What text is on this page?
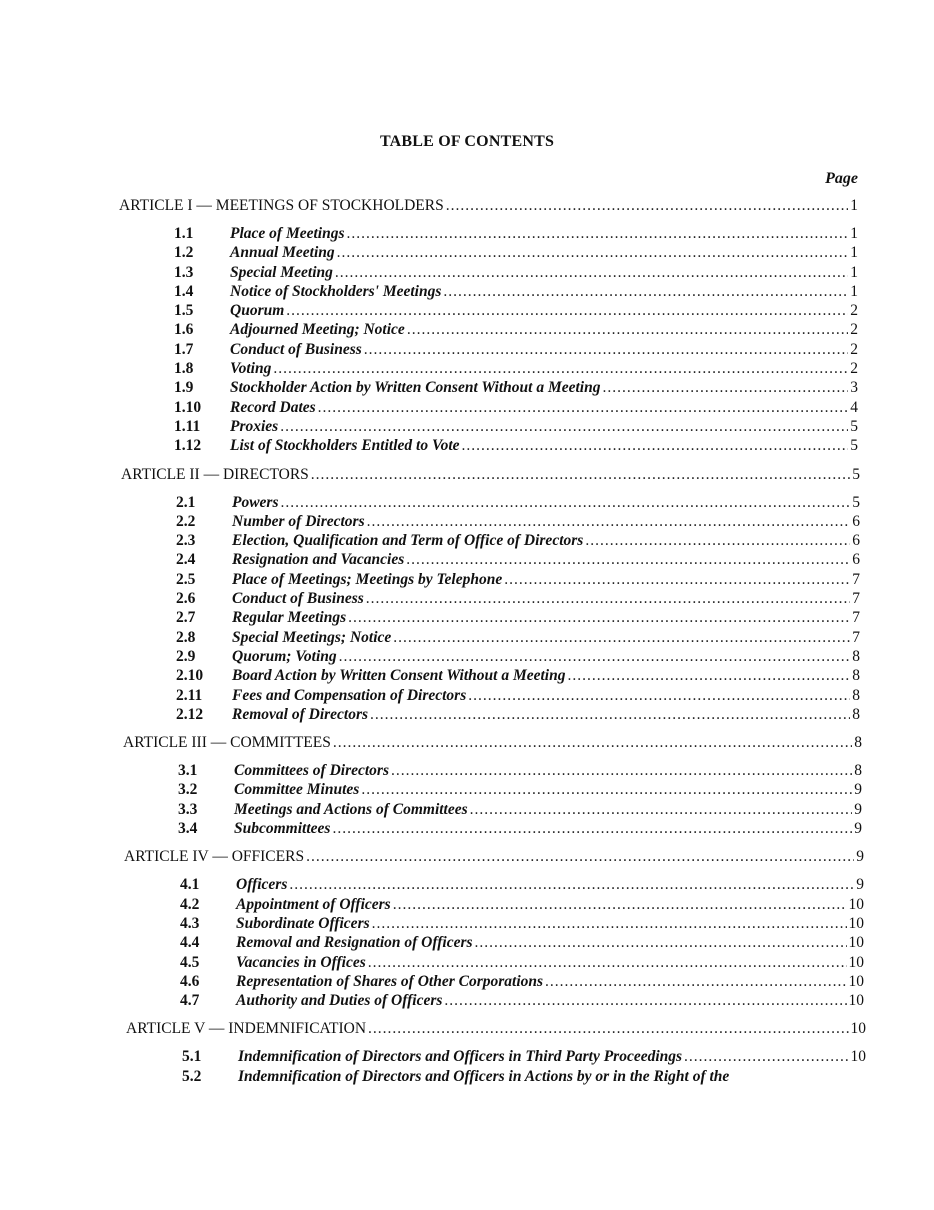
TABLE OF CONTENTS
Page
ARTICLE I — MEETINGS OF STOCKHOLDERS .....	1
1.1	Place of Meetings .....	1
1.2	Annual Meeting .....	1
1.3	Special Meeting .....	1
1.4	Notice of Stockholders' Meetings .....	1
1.5	Quorum .....	2
1.6	Adjourned Meeting; Notice .....	2
1.7	Conduct of Business .....	2
1.8	Voting .....	2
1.9	Stockholder Action by Written Consent Without a Meeting .....	3
1.10	Record Dates .....	4
1.11	Proxies .....	5
1.12	List of Stockholders Entitled to Vote .....	5
ARTICLE II — DIRECTORS .....	5
2.1	Powers .....	5
2.2	Number of Directors .....	6
2.3	Election, Qualification and Term of Office of Directors .....	6
2.4	Resignation and Vacancies .....	6
2.5	Place of Meetings; Meetings by Telephone .....	7
2.6	Conduct of Business .....	7
2.7	Regular Meetings .....	7
2.8	Special Meetings; Notice .....	7
2.9	Quorum; Voting .....	8
2.10	Board Action by Written Consent Without a Meeting .....	8
2.11	Fees and Compensation of Directors .....	8
2.12	Removal of Directors .....	8
ARTICLE III — COMMITTEES .....	8
3.1	Committees of Directors .....	8
3.2	Committee Minutes .....	9
3.3	Meetings and Actions of Committees .....	9
3.4	Subcommittees .....	9
ARTICLE IV — OFFICERS .....	9
4.1	Officers .....	9
4.2	Appointment of Officers .....	10
4.3	Subordinate Officers .....	10
4.4	Removal and Resignation of Officers .....	10
4.5	Vacancies in Offices .....	10
4.6	Representation of Shares of Other Corporations .....	10
4.7	Authority and Duties of Officers .....	10
ARTICLE V — INDEMNIFICATION .....	10
5.1	Indemnification of Directors and Officers in Third Party Proceedings .....	10
5.2	Indemnification of Directors and Officers in Actions by or in the Right of the
